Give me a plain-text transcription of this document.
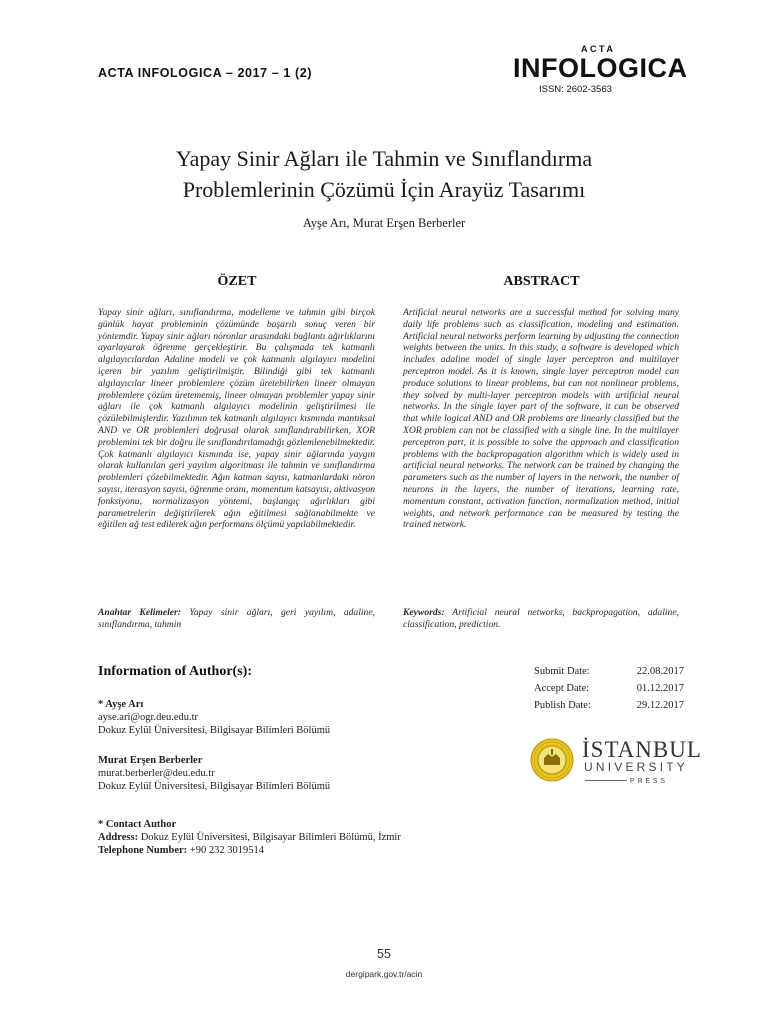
ACTA INFOLOGICA – 2017 – 1 (2)
ACTA
INFOLOGICA
ISSN: 2602-3563
Yapay Sinir Ağları ile Tahmin ve Sınıflandırma
Problemlerinin Çözümü İçin Arayüz Tasarımı
Ayşe Arı, Murat Erşen Berberler
ÖZET
Yapay sinir ağları, sınıflandırma, modelleme ve tahmin gibi birçok günlük hayat probleminin çözümünde başarılı sonuç veren bir yöntemdir. Yapay sinir ağları nöronlar arasındaki bağlantı ağırlıklarını ayarlayarak öğrenme gerçekleştirir. Bu çalışmada tek katmanlı algılayıcılardan Adaline modeli ve çok katmanlı algılayıcı modelini içeren bir yazılım geliştirilmiştir. Bilindiği gibi tek katmanlı algılayıcılar lineer problemlere çözüm üretebilirken lineer olmayan problemlere çözüm üretememiş, lineer olmayan problemler yapay sinir ağları ile çok katmanlı algılayıcı modelinin geliştirilmesi ile çözülebilmişlerdir. Yazılımın tek katmanlı algılayıcı kısmında mantıksal AND ve OR problemleri doğrusal olarak sınıflandırabilirken, XOR problemini tek bir doğru ile sınıflandırılamadığı gözlemlenebilmektedir. Çok katmanlı algılayıcı kısmında ise, yapay sinir ağlarında yaygın olarak kullanılan geri yayılım algoritması ile tahmin ve sınıflandırma problemleri çözebilmektedir. Ağın katman sayısı, katmanlardaki nöron sayısı, iterasyon sayısı, öğrenme oranı, momentum katsayısı, aktivasyon fonksiyonu, normalizasyon yöntemi, başlangıç ağırlıkları gibi parametrelerin değiştirilerek ağın eğitilmesi sağlanabilmekte ve eğitilen ağ test edilerek ağın performans ölçümü yapılabilmektedir.
Anahtar Kelimeler: Yapay sinir ağları, geri yayılım, adaline, sınıflandırma, tahmin
ABSTRACT
Artificial neural networks are a successful method for solving many daily life problems such as classification, modeling and estimation. Artificial neural networks perform learning by adjusting the connection weights between the units. In this study, a software is developed which includes adaline model of single layer perceptron and multilayer perceptron model. As it is known, single layer perceptron model can produce solutions to linear problems, but can not nonlinear problems, they solved by multi-layer perceptron models with artificial neural networks. In the single layer part of the software, it can be observed that while logical AND and OR problems are linearly classified but the XOR problem can not be classified with a single line. In the multilayer perceptron part, it is possible to solve the approach and classification problems with the backpropagation algorithm which is widely used in artificial neural networks. The network can be trained by changing the parameters such as the number of layers in the network, the number of neurons in the layers, the number of iterations, learning rate, momentum constant, activation function, normalization method, initial weights, and network performance can be measured by testing the trained network.
Keywords: Artificial neural networks, backpropagation, adaline, classification, prediction.
Information of Author(s):
* Ayşe Arı
ayse.ari@ogr.deu.edu.tr
Dokuz Eylül Üniversitesi, Bilgisayar Bilimleri Bölümü
Murat Erşen Berberler
murat.berberler@deu.edu.tr
Dokuz Eylül Üniversitesi, Bilgisayar Bilimleri Bölümü
* Contact Author
Address: Dokuz Eylül Üniversitesi, Bilgisayar Bilimleri Bölümü, İzmir
Telephone Number: +90 232 3019514
Submit Date:	22.08.2017
Accept Date:	01.12.2017
Publish Date:	29.12.2017
İSTANBUL
UNIVERSITY
PRESS
55
dergipark.gov.tr/acin
